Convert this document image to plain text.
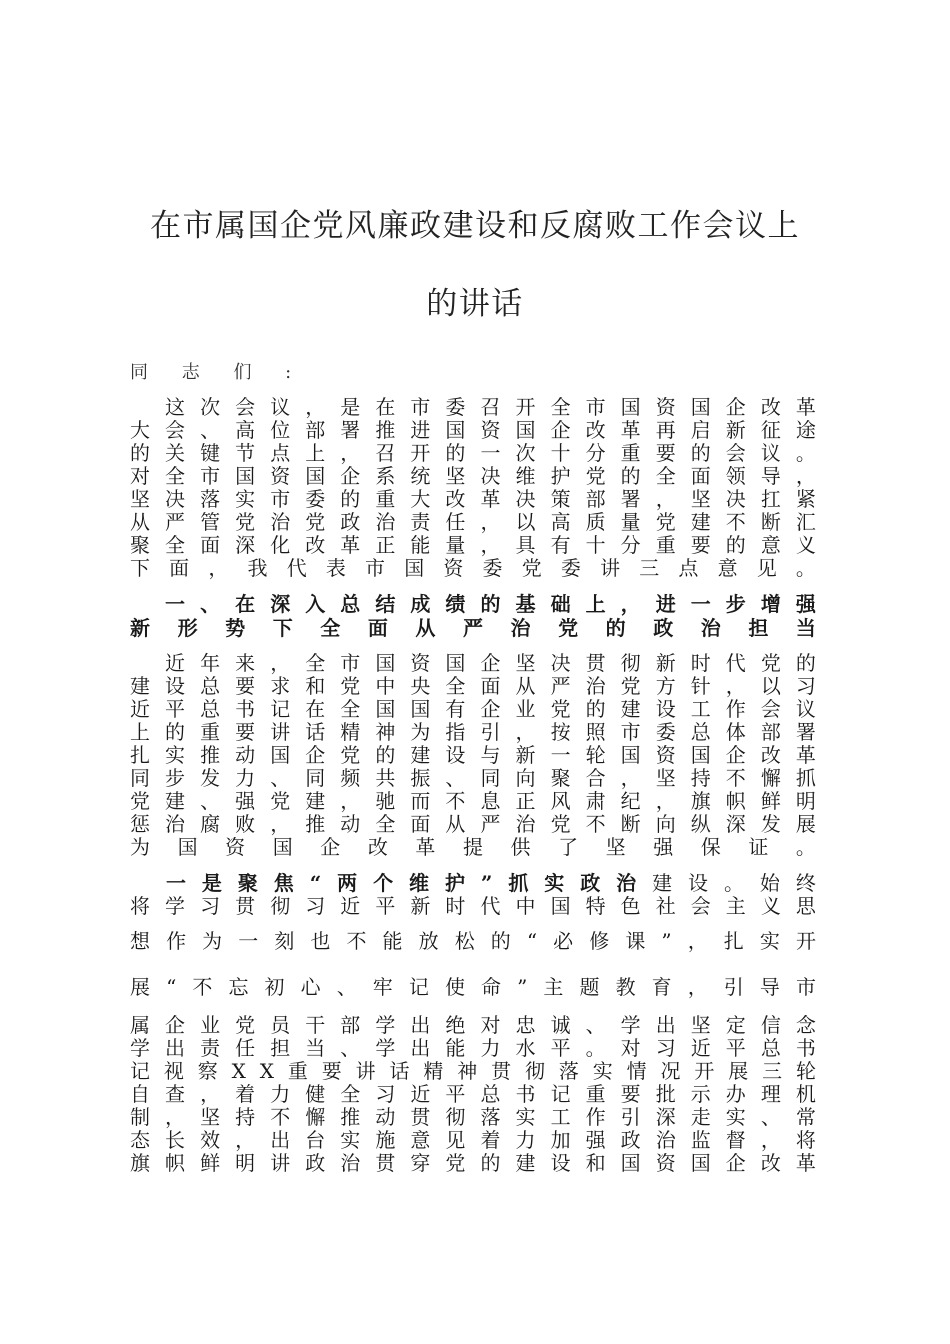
在市属国企党风廉政建设和反腐败工作会议上
的讲话
同 志 们 :

这 次 会 议 ， 是 在 市 委 召 开 全 市 国 资 国 企 改 革
大 会 、 高 位 部 署 推 进 国 资 国 企 改 革 再 启 新 征 途
的 关 键 节 点 上 ， 召 开 的 一 次 十 分 重 要 的 会 议 。
对 全 市 国 资 国 企 系 统 坚 决 维 护 党 的 全 面 领 导 ，
坚 决 落 实 市 委 的 重 大 改 革 决 策 部 署 ， 坚 决 扛 紧
从 严 管 党 治 党 政 治 责 任 ， 以 高 质 量 党 建 不 断 汇
聚 全 面 深 化 改 革 正 能 量 ， 具 有 十 分 重 要 的 意 义
下 面 ， 我 代 表 市 国 资 委 党 委 讲 三 点 意 见 。

一 、 在 深 入 总 结 成 绩 的 基 础 上 ， 进 一 步 增 强
新 形 势 下 全 面 从 严 治 党 的 政 治 担 当

近 年 来 ， 全 市 国 资 国 企 坚 决 贯 彻 新 时 代 党 的
建 设 总 要 求 和 党 中 央 全 面 从 严 治 党 方 针 ， 以 习
近 平 总 书 记 在 全 国 国 有 企 业 党 的 建 设 工 作 会 议
上 的 重 要 讲 话 精 神 为 指 引 ， 按 照 市 委 总 体 部 署
扎 实 推 动 国 企 党 的 建 设 与 新 一 轮 国 资 国 企 改 革
同 步 发 力 、 同 频 共 振 、 同 向 聚 合 ， 坚 持 不 懈 抓
党 建 、 强 党 建 ， 驰 而 不 息 正 风 肃 纪 ， 旗 帜 鲜 明
惩 治 腐 败 ， 推 动 全 面 从 严 治 党 不 断 向 纵 深 发 展
为 国 资 国 企 改 革 提 供 了 坚 强 保 证 。

一 是 聚 焦 “ 两 个 维 护 ” 抓 实 政 治 建 设 。 始 终
将 学 习 贯 彻 习 近 平 新 时 代 中 国 特 色 社 会 主 义 思
想 作 为 一 刻 也 不 能 放 松 的 “ 必 修 课 ” ， 扎 实 开
展 “ 不 忘 初 心 、 牢 记 使 命 ” 主 题 教 育 ， 引 导 市
属 企 业 党 员 干 部 学 出 绝 对 忠 诚 、 学 出 坚 定 信 念
学 出 责 任 担 当 、 学 出 能 力 水 平 。 对 习 近 平 总 书
记 视 察 X X 重 要 讲 话 精 神 贯 彻 落 实 情 况 开 展 三 轮
自 查 ， 着 力 健 全 习 近 平 总 书 记 重 要 批 示 办 理 机
制 ， 坚 持 不 懈 推 动 贯 彻 落 实 工 作 引 深 走 实 、 常
态 长 效 ， 出 台 实 施 意 见 着 力 加 强 政 治 监 督 ， 将
旗 帜 鲜 明 讲 政 治 贯 穿 党 的 建 设 和 国 资 国 企 改 革
